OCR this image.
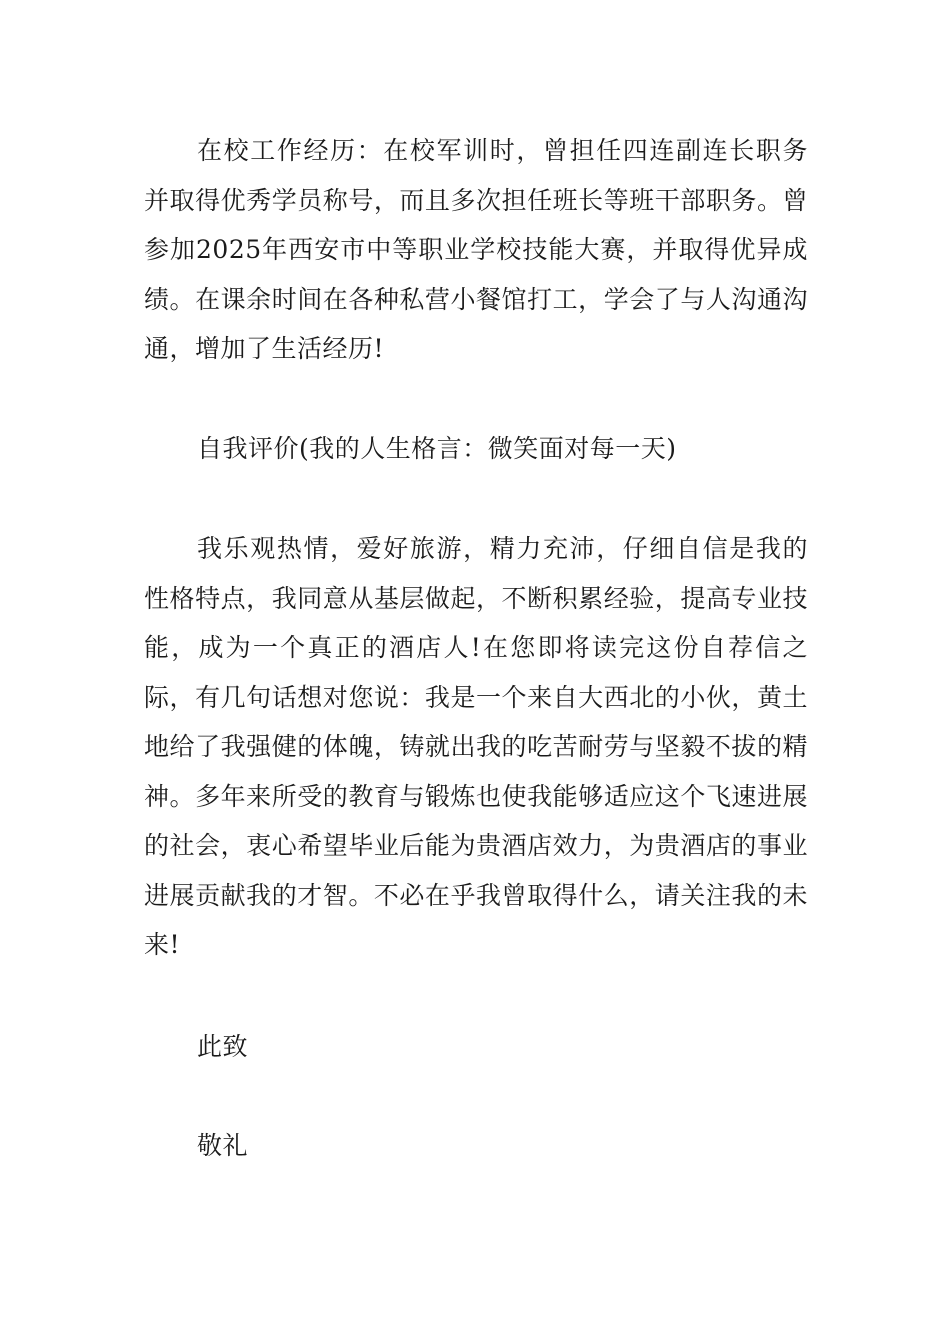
在校工作经历：在校军训时，曾担任四连副连长职务并取得优秀学员称号，而且多次担任班长等班干部职务。曾参加2025年西安市中等职业学校技能大赛，并取得优异成绩。在课余时间在各种私营小餐馆打工，学会了与人沟通沟通，增加了生活经历!

自我评价(我的人生格言：微笑面对每一天)

我乐观热情，爱好旅游，精力充沛，仔细自信是我的性格特点，我同意从基层做起，不断积累经验，提高专业技能，成为一个真正的酒店人!在您即将读完这份自荐信之际，有几句话想对您说：我是一个来自大西北的小伙，黄土地给了我强健的体魄，铸就出我的吃苦耐劳与坚毅不拔的精神。多年来所受的教育与锻炼也使我能够适应这个飞速进展的社会，衷心希望毕业后能为贵酒店效力，为贵酒店的事业进展贡献我的才智。不必在乎我曾取得什么，请关注我的未来!

此致

敬礼
